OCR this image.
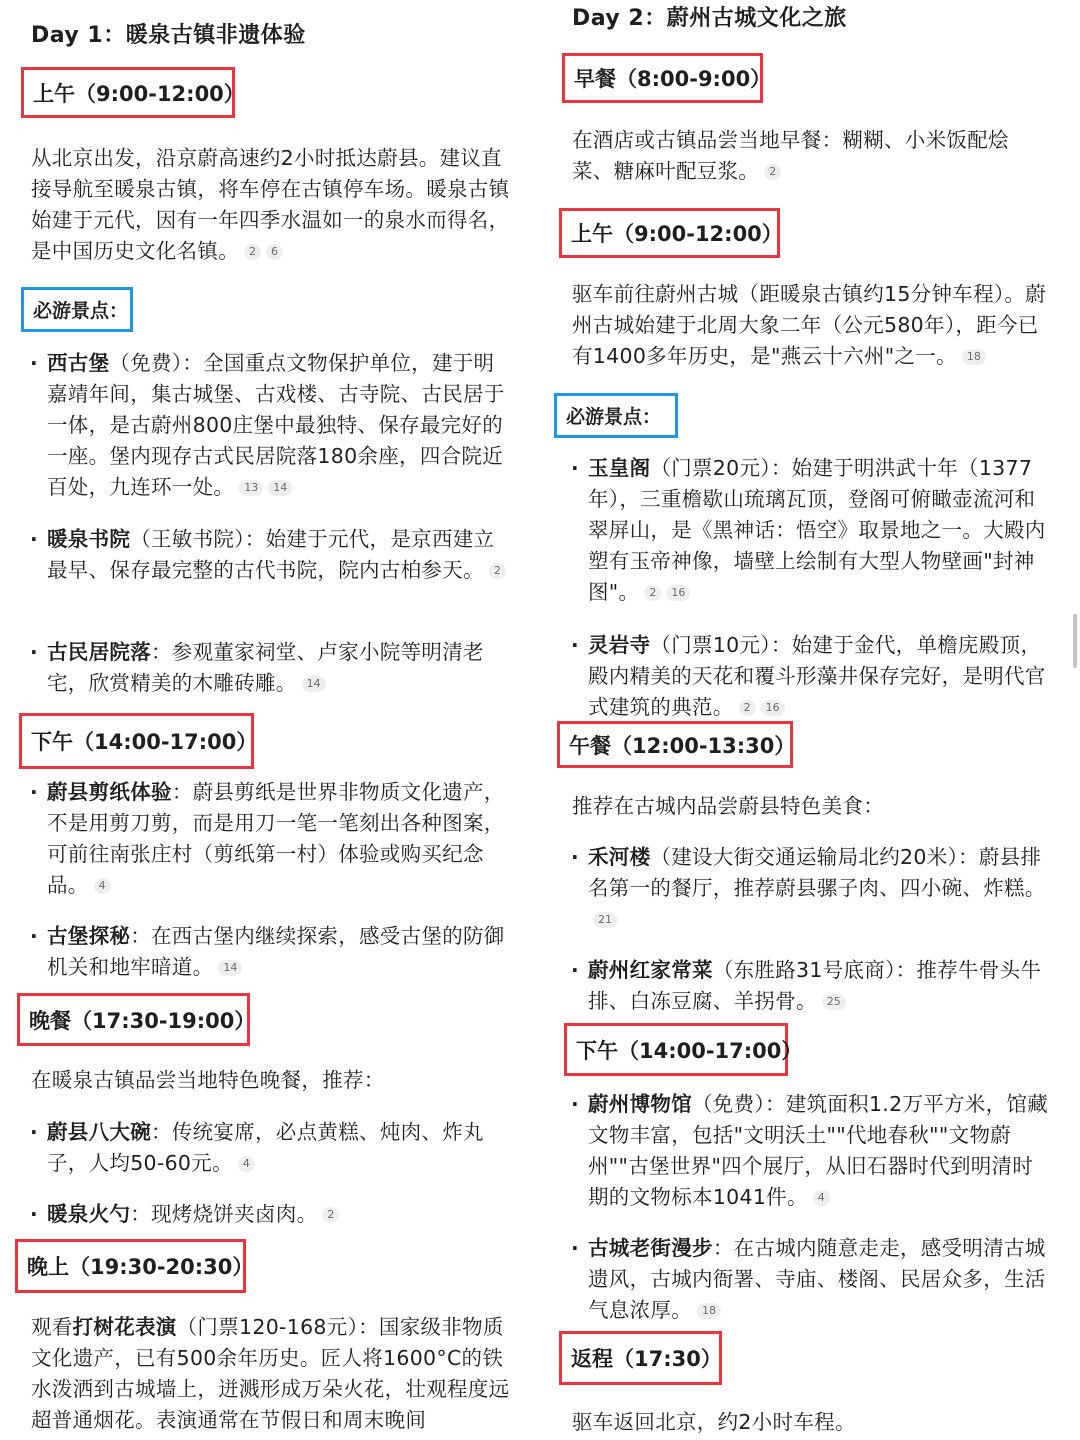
Day 1：暖泉古镇非遗体验
上午（9:00-12:00）
从北京出发，沿京蔚高速约2小时抵达蔚县。建议直接导航至暖泉古镇，将车停在古镇停车场。暖泉古镇始建于元代，因有一年四季水温如一的泉水而得名，是中国历史文化名镇。 2 6
必游景点：
· 西古堡（免费）：全国重点文物保护单位，建于明嘉靖年间，集古城堡、古戏楼、古寺院、古民居于一体，是古蔚州800庄堡中最独特、保存最完好的一座。堡内现存古式民居院落180余座，四合院近百处，九连环一处。 13 14
· 暖泉书院（王敏书院）：始建于元代，是京西建立最早、保存最完整的古代书院，院内古柏参天。 2
· 古民居院落：参观董家祠堂、卢家小院等明清老宅，欣赏精美的木雕砖雕。 14
下午（14:00-17:00）
· 蔚县剪纸体验：蔚县剪纸是世界非物质文化遗产，不是用剪刀剪，而是用刀一笔一笔刻出各种图案，可前往南张庄村（剪纸第一村）体验或购买纪念品。 4
· 古堡探秘：在西古堡内继续探索，感受古堡的防御机关和地牢暗道。 14
晚餐（17:30-19:00）
在暖泉古镇品尝当地特色晚餐，推荐：
· 蔚县八大碗：传统宴席，必点黄糕、炖肉、炸丸子，人均50-60元。 4
· 暖泉火勺：现烤烧饼夹卤肉。 2
晚上（19:30-20:30）
观看打树花表演（门票120-168元）：国家级非物质文化遗产，已有500余年历史。匠人将1600°C的铁水泼洒到古城墙上，迸溅形成万朵火花，壮观程度远超普通烟花。表演通常在节假日和周末晚间
Day 2：蔚州古城文化之旅
早餐（8:00-9:00）
在酒店或古镇品尝当地早餐：糊糊、小米饭配烩菜、糖麻叶配豆浆。 2
上午（9:00-12:00）
驱车前往蔚州古城（距暖泉古镇约15分钟车程）。蔚州古城始建于北周大象二年（公元580年），距今已有1400多年历史，是"燕云十六州"之一。 18
必游景点：
· 玉皇阁（门票20元）：始建于明洪武十年（1377年），三重檐歇山琉璃瓦顶，登阁可俯瞰壶流河和翠屏山，是《黑神话：悟空》取景地之一。大殿内塑有玉帝神像，墙壁上绘制有大型人物壁画"封神图"。 2 16
· 灵岩寺（门票10元）：始建于金代，单檐庑殿顶，殿内精美的天花和覆斗形藻井保存完好，是明代官式建筑的典范。 2 16
午餐（12:00-13:30）
推荐在古城内品尝蔚县特色美食：
· 禾河楼（建设大街交通运输局北约20米）：蔚县排名第一的餐厅，推荐蔚县骡子肉、四小碗、炸糕。21
· 蔚州红家常菜（东胜路31号底商）：推荐牛骨头牛排、白冻豆腐、羊拐骨。 25
下午（14:00-17:00）
· 蔚州博物馆（免费）：建筑面积1.2万平方米，馆藏文物丰富，包括"文明沃土""代地春秋""文物蔚州""古堡世界"四个展厅，从旧石器时代到明清时期的文物标本1041件。 4
· 古城老街漫步：在古城内随意走走，感受明清古城遗风，古城内衙署、寺庙、楼阁、民居众多，生活气息浓厚。 18
返程（17:30）
驱车返回北京，约2小时车程。
